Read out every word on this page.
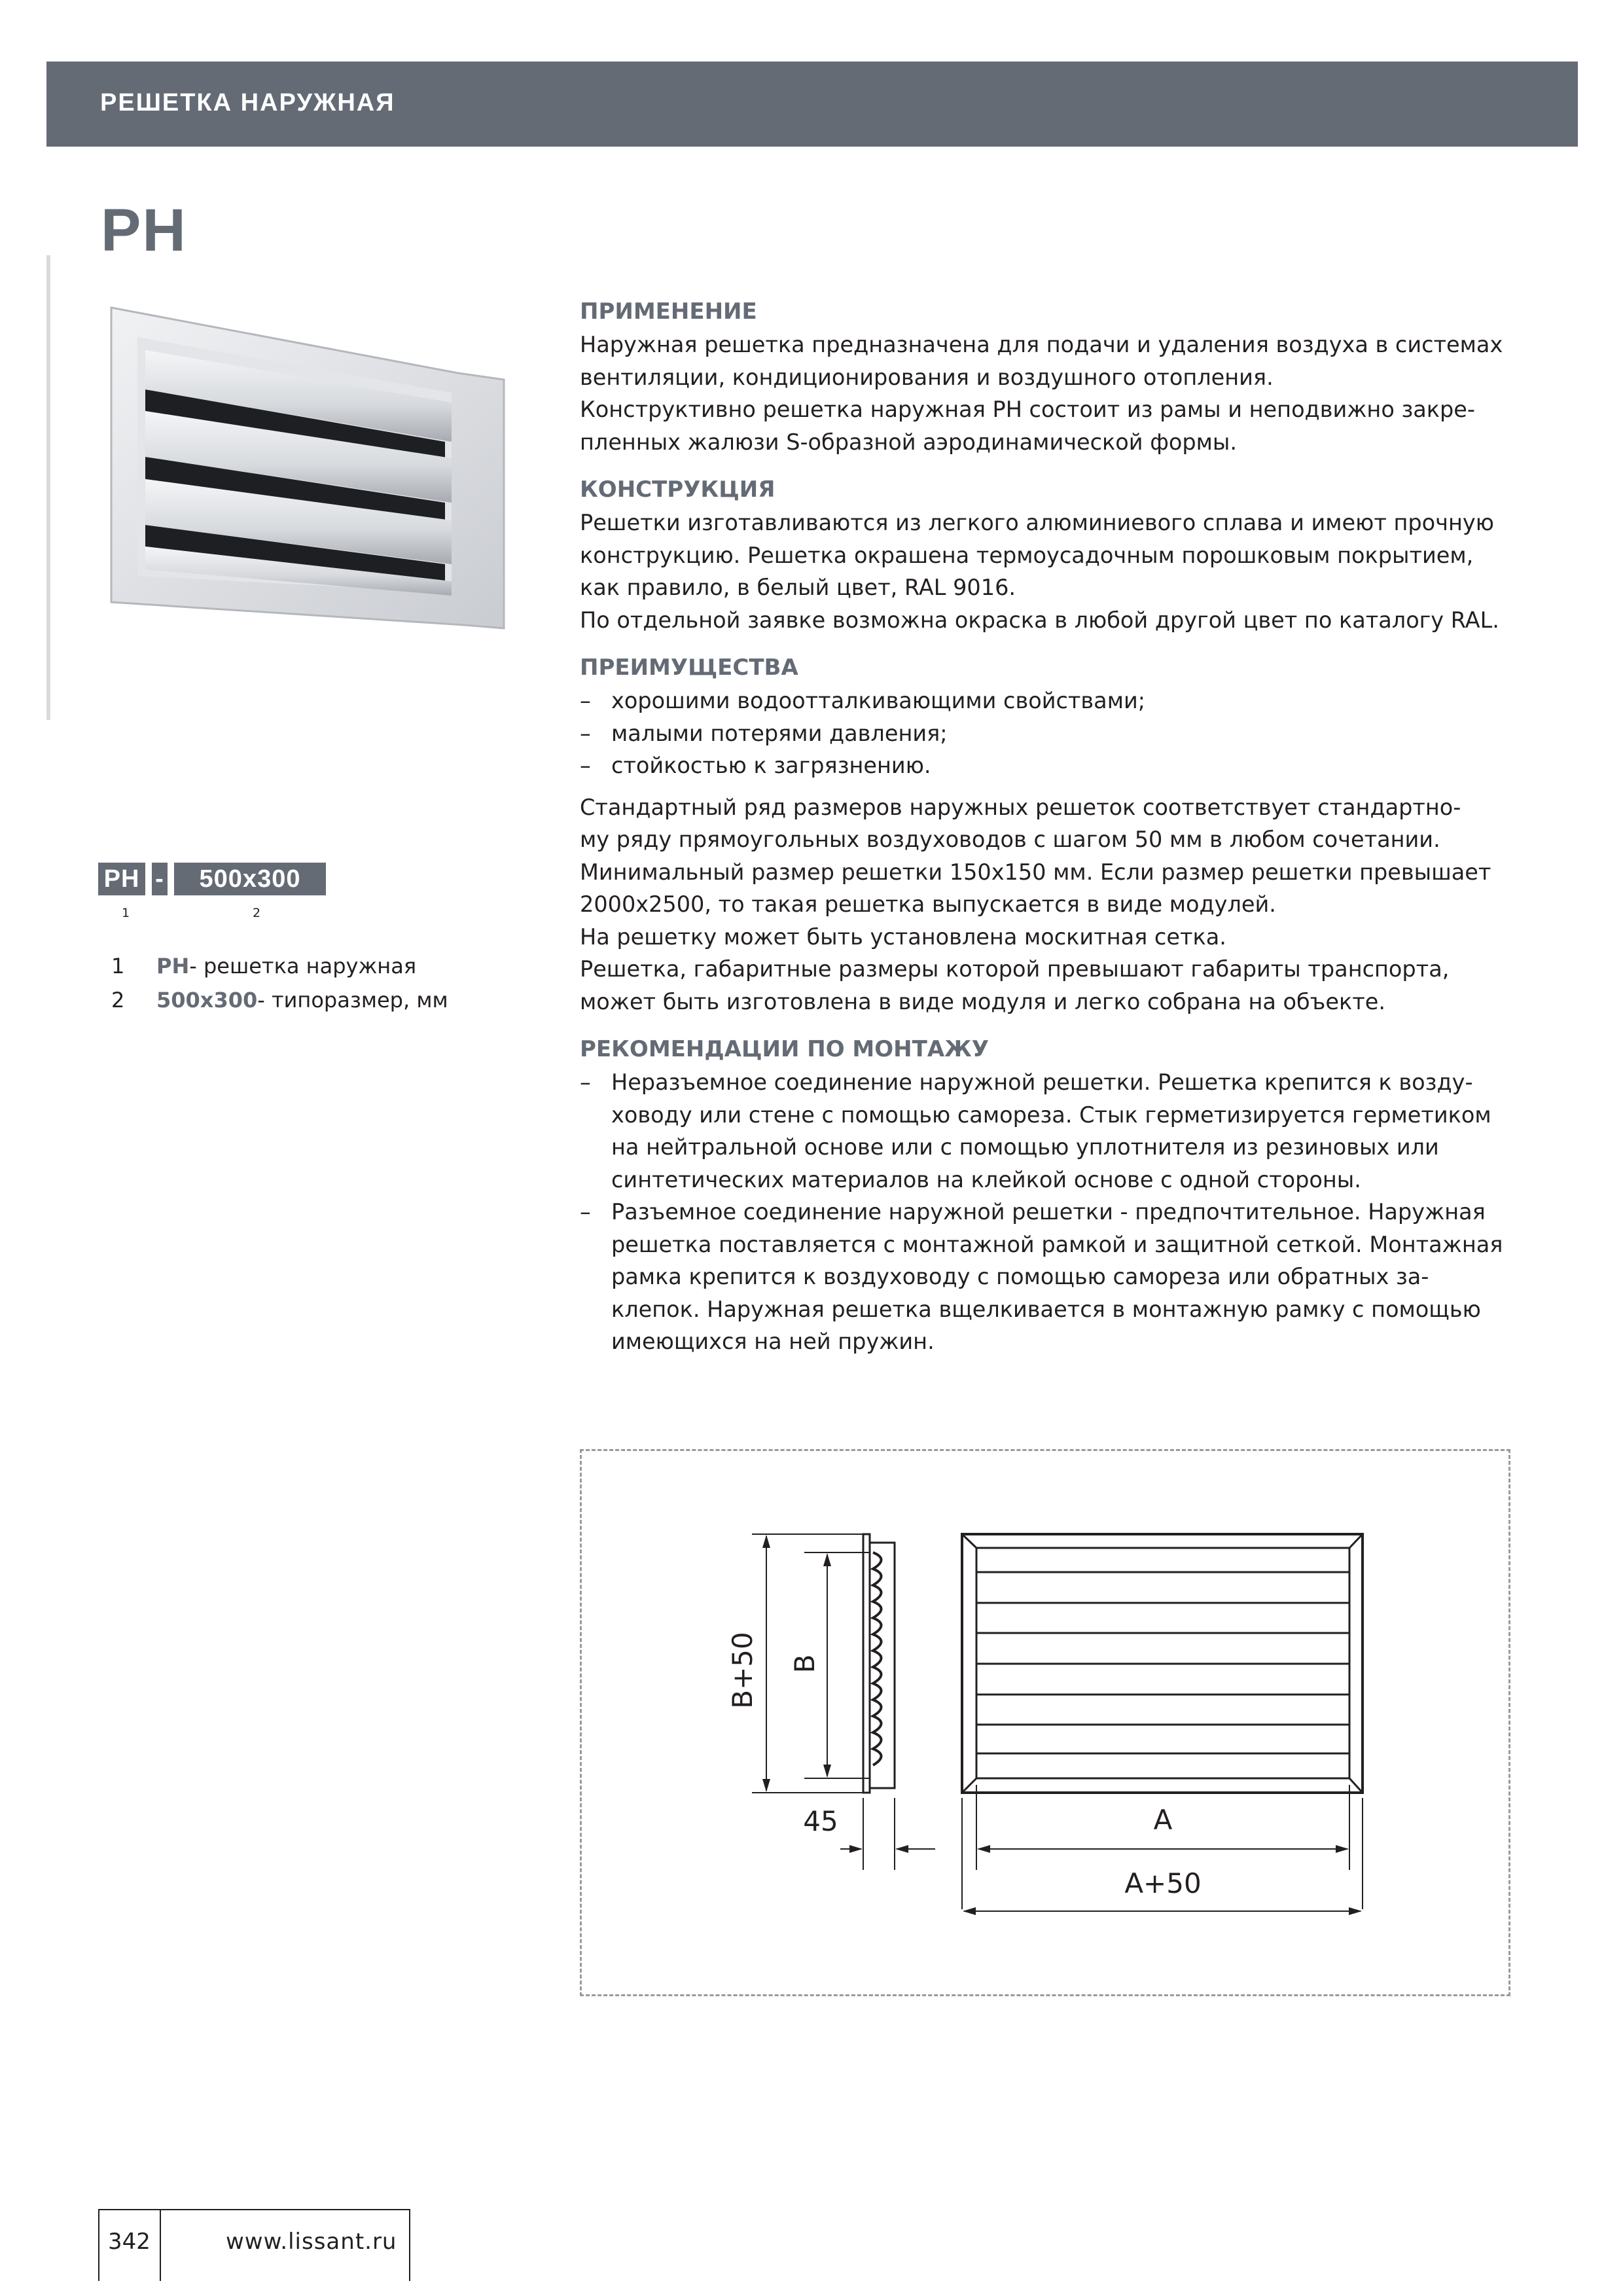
РЕШЕТКА НАРУЖНАЯ
РН
РН -	500x300
1	2
1	РН - решетка наружная
2	500x300 - типоразмер, мм
ПРИМЕНЕНИЕ

Наружная решетка предназначена для подачи и удаления воздуха в системах

вентиляции, кондиционирования и воздушного отопления.

Конструктивно решетка наружная РН состоит из рамы и неподвижно закре-

пленных жалюзи S-образной аэродинамической формы.

КОНСТРУКЦИЯ

Решетки изготавливаются из легкого алюминиевого сплава и имеют прочную

конструкцию. Решетка окрашена термоусадочным порошковым покрытием,

как правило, в белый цвет, RAL 9016.

По отдельной заявке возможна окраска в любой другой цвет по каталогу RAL.

ПРЕИМУЩЕСТВА
– хорошими водоотталкивающими свойствами;
– малыми потерями давления;
– стойкостью к загрязнению.

Стандартный ряд размеров наружных решеток соответствует стандартно-

му ряду прямоугольных воздуховодов с шагом 50 мм в любом сочетании.

Минимальный размер решетки 150x150 мм. Если размер решетки превышает

2000x2500, то такая решетка выпускается в виде модулей.

На решетку может быть установлена москитная сетка.

Решетка, габаритные размеры которой превышают габариты транспорта,

может быть изготовлена в виде модуля и легко собрана на объекте.

РЕКОМЕНДАЦИИ ПО МОНТАЖУ
– Неразъемное соединение наружной решетки. Решетка крепится к возду-

ховоду или стене с помощью самореза. Стык герметизируется герметиком

на нейтральной основе или с помощью уплотнителя из резиновых или

синтетических материалов на клейкой основе с одной стороны.

– Разъемное соединение наружной решетки - предпочтительное. Наружная

решетка поставляется с монтажной рамкой и защитной сеткой. Монтажная

рамка крепится к воздуховоду с помощью самореза или обратных за-

клепок. Наружная решетка вщелкивается в монтажную рамку с помощью

имеющихся на ней пружин.

B+50 B
45	A
A+50
342	www.lissant.ru
